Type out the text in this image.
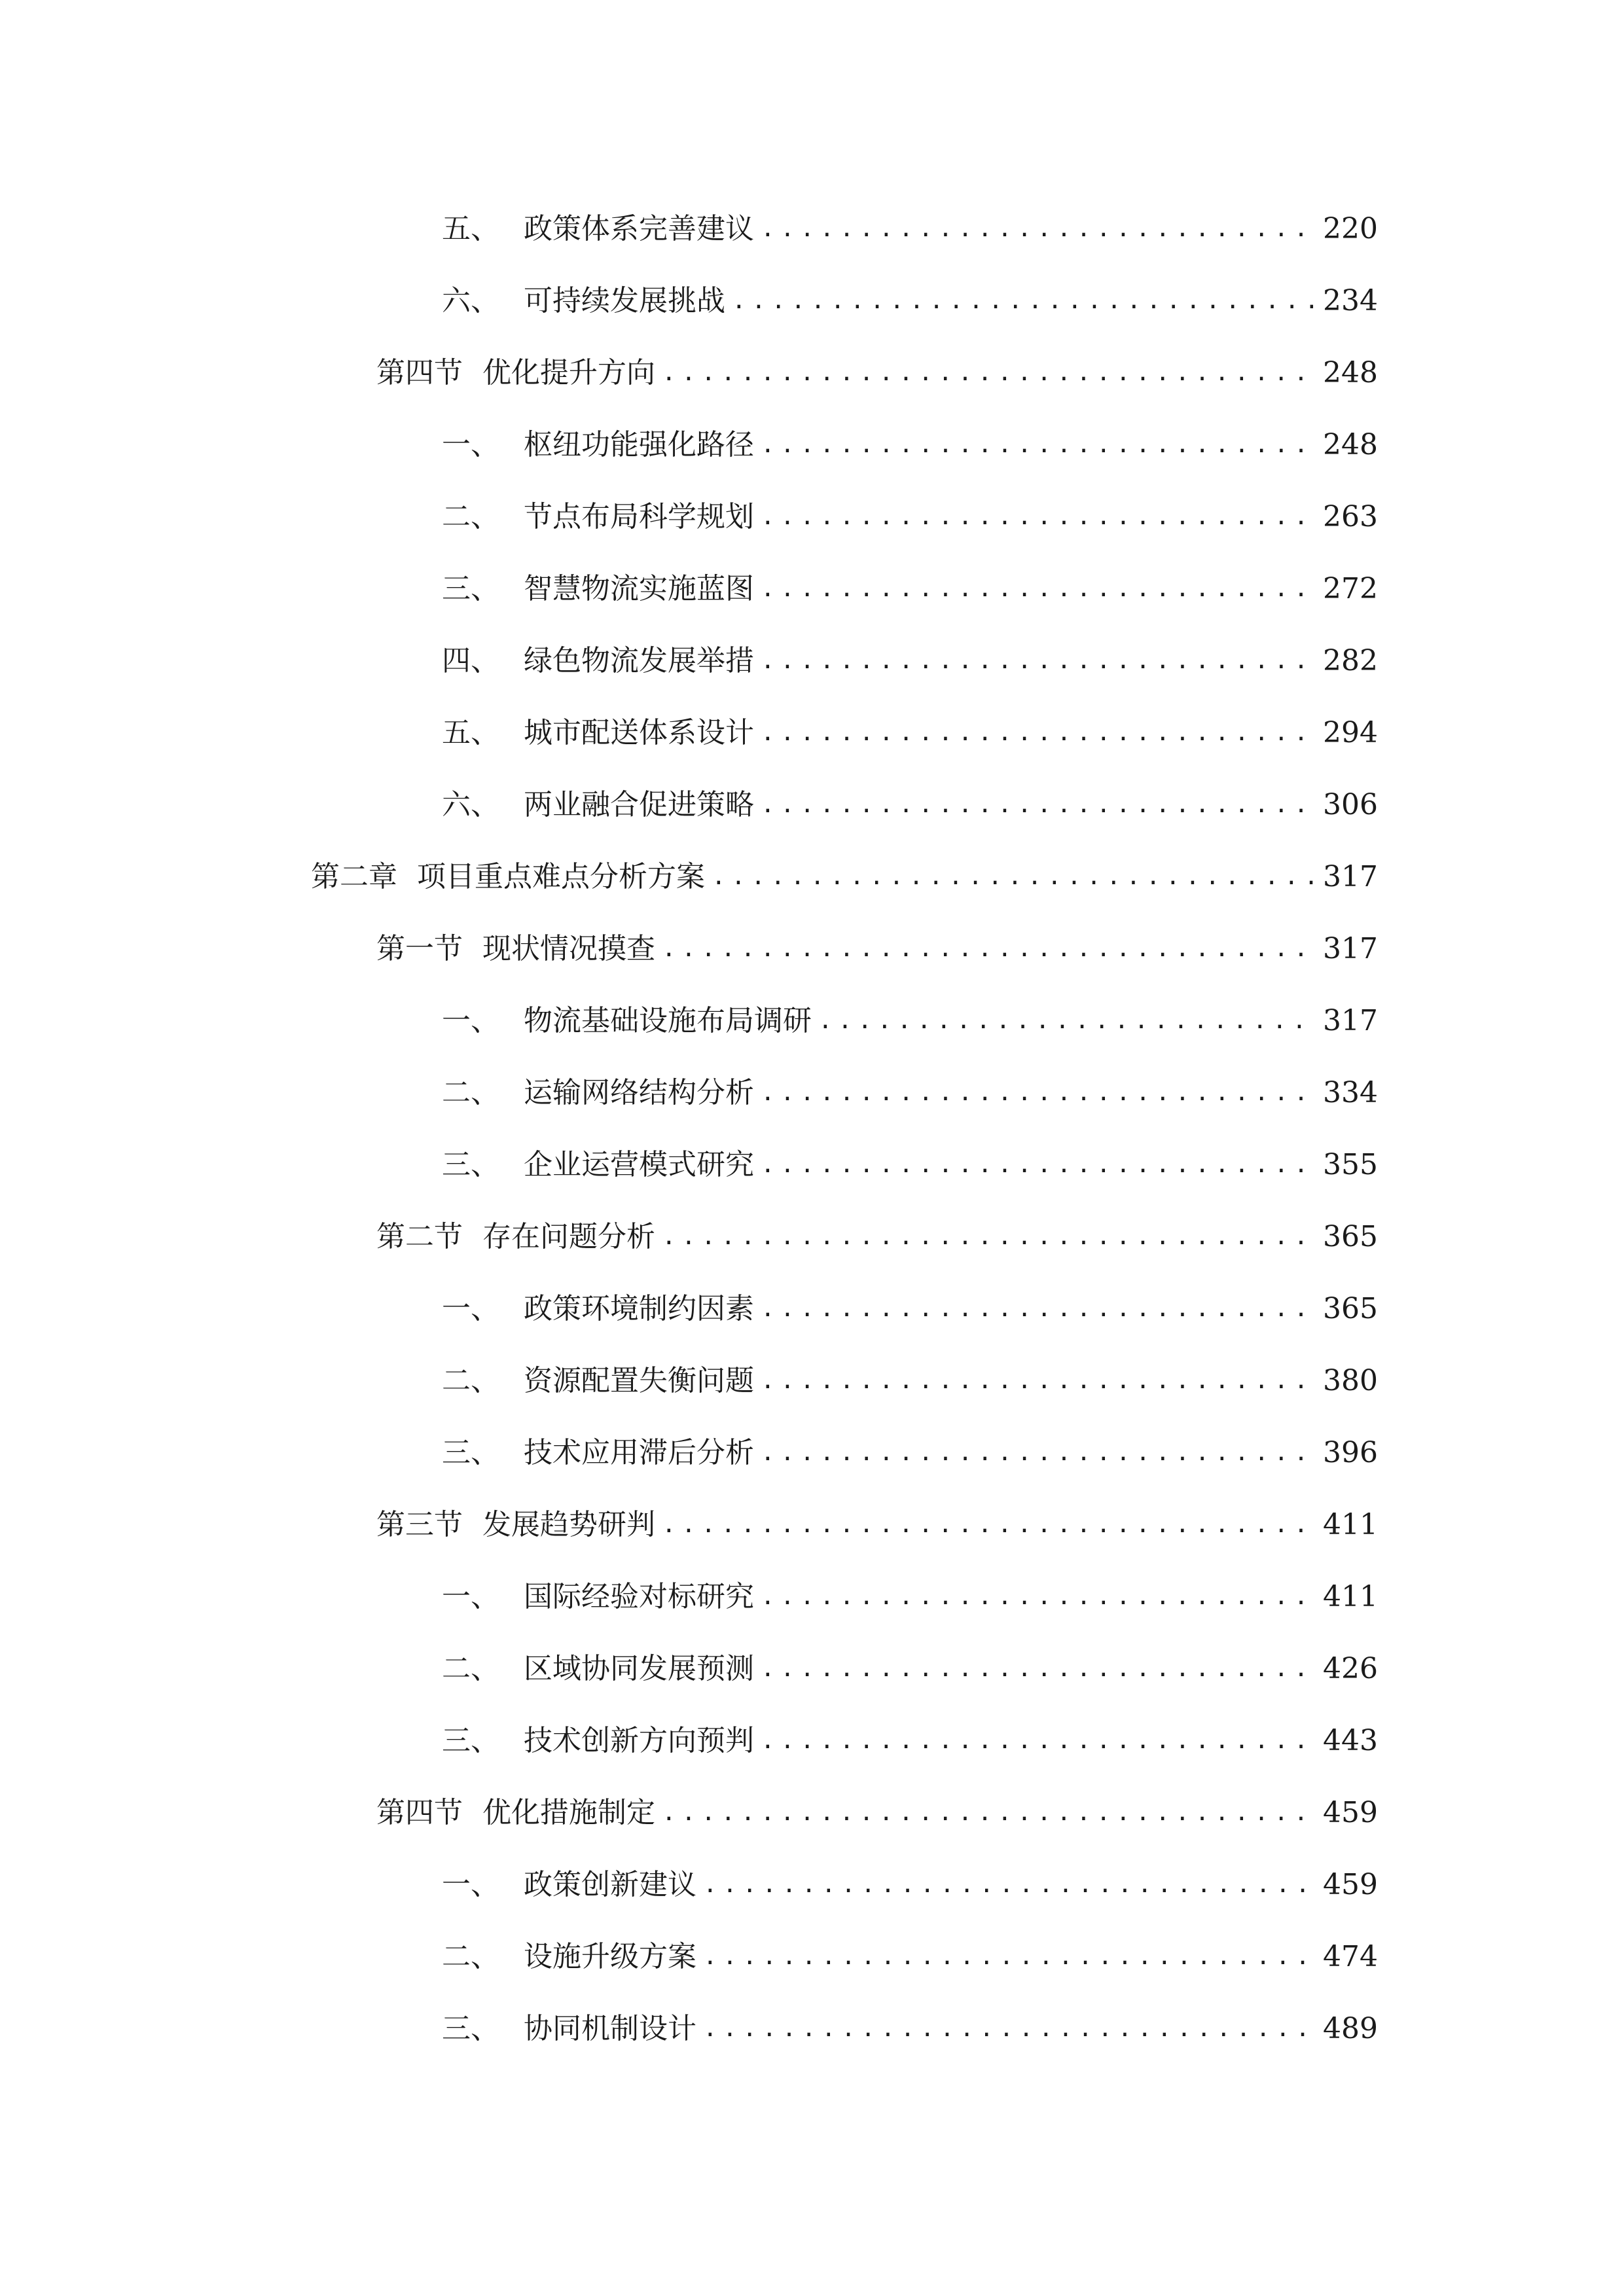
五、 政策体系完善建议 .....	220
六、 可持续发展挑战 .....	234
第四节 优化提升方向 .....	248
一、 枢纽功能强化路径 .....	248
二、 节点布局科学规划 .....	263
三、 智慧物流实施蓝图 .....	272
四、 绿色物流发展举措 .....	282
五、 城市配送体系设计 .....	294
六、 两业融合促进策略 .....	306
第二章 项目重点难点分析方案 .....	317
第一节 现状情况摸查 .....	317
一、 物流基础设施布局调研 .....	317
二、 运输网络结构分析 .....	334
三、 企业运营模式研究 .....	355
第二节 存在问题分析 .....	365
一、 政策环境制约因素 .....	365
二、 资源配置失衡问题 .....	380
三、 技术应用滞后分析 .....	396
第三节 发展趋势研判 .....	411
一、 国际经验对标研究 .....	411
二、 区域协同发展预测 .....	426
三、 技术创新方向预判 .....	443
第四节 优化措施制定 .....	459
一、 政策创新建议 .....	459
二、 设施升级方案 .....	474
三、 协同机制设计 .....	489
